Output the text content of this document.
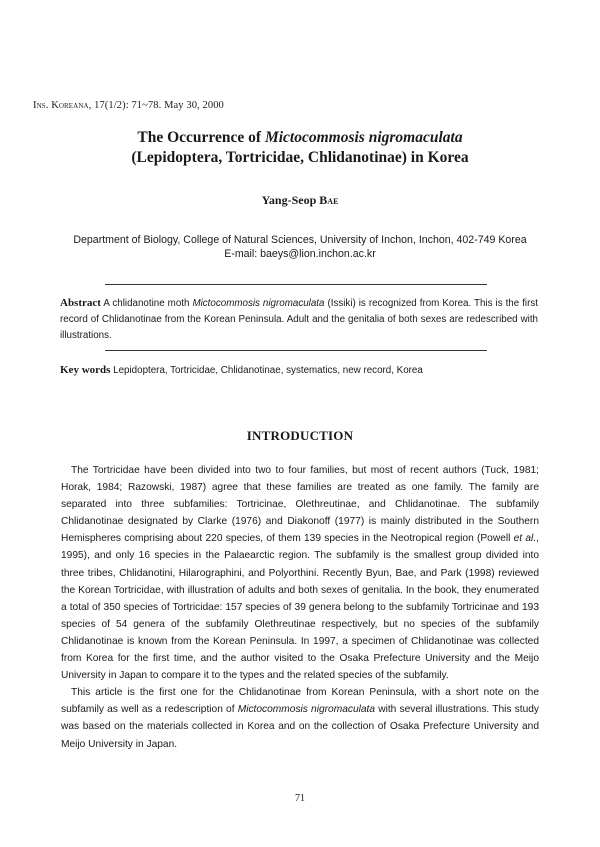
Ins. Koreana, 17(1/2): 71~78. May 30, 2000
The Occurrence of Mictocommosis nigromaculata
(Lepidoptera, Tortricidae, Chlidanotinae) in Korea
Yang-Seop Bae
Department of Biology, College of Natural Sciences, University of Inchon, Inchon, 402-749 Korea
E-mail: baeys@lion.inchon.ac.kr
Abstract A chlidanotine moth Mictocommosis nigromaculata (Issiki) is recognized from Korea. This is the first record of Chlidanotinae from the Korean Peninsula. Adult and the genitalia of both sexes are redescribed with illustrations.
Key words Lepidoptera, Tortricidae, Chlidanotinae, systematics, new record, Korea
INTRODUCTION

The Tortricidae have been divided into two to four families, but most of recent authors (Tuck, 1981; Horak, 1984; Razowski, 1987) agree that these families are treated as one family. The family are separated into three subfamilies: Tortricinae, Olethreutinae, and Chlidanotinae. The subfamily Chlidanotinae designated by Clarke (1976) and Diakonoff (1977) is mainly distributed in the Southern Hemispheres comprising about 220 species, of them 139 species in the Neotropical region (Powell et al., 1995), and only 16 species in the Palaearctic region. The subfamily is the smallest group divided into three tribes, Chlidanotini, Hilarographini, and Polyorthini. Recently Byun, Bae, and Park (1998) reviewed the Korean Tortricidae, with illustration of adults and both sexes of genitalia. In the book, they enumerated a total of 350 species of Tortricidae: 157 species of 39 genera belong to the subfamily Tortricinae and 193 species of 54 genera of the subfamily Olethreutinae respectively, but no species of the subfamily Chlidanotinae is known from the Korean Peninsula. In 1997, a specimen of Chlidanotinae was collected from Korea for the first time, and the author visited to the Osaka Prefecture University and the Meijo University in Japan to compare it to the types and the related species of the subfamily.

This article is the first one for the Chlidanotinae from Korean Peninsula, with a short note on the subfamily as well as a redescription of Mictocommosis nigromaculata with several illustrations. This study was based on the materials collected in Korea and on the collection of Osaka Prefecture University and Meijo University in Japan.

71
